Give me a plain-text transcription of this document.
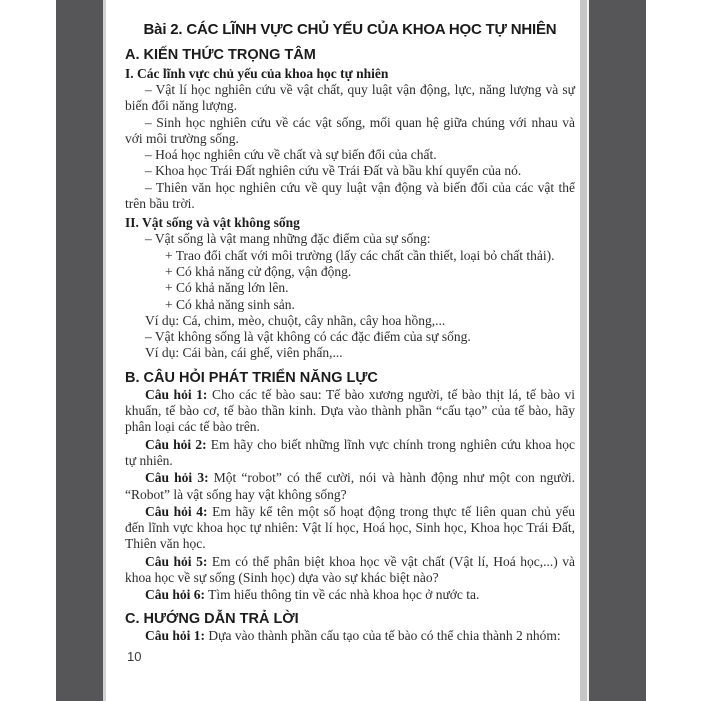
Bài 2. CÁC LĨNH VỰC CHỦ YẾU CỦA KHOA HỌC TỰ NHIÊN
A. KIẾN THỨC TRỌNG TÂM
I. Các lĩnh vực chủ yếu của khoa học tự nhiên

– Vật lí học nghiên cứu về vật chất, quy luật vận động, lực, năng lượng và sự biến đổi năng lượng.

– Sinh học nghiên cứu về các vật sống, mối quan hệ giữa chúng với nhau và với môi trường sống.

– Hoá học nghiên cứu về chất và sự biến đổi của chất.

– Khoa học Trái Đất nghiên cứu về Trái Đất và bầu khí quyển của nó.

– Thiên văn học nghiên cứu về quy luật vận động và biến đổi của các vật thể trên bầu trời.

II. Vật sống và vật không sống

– Vật sống là vật mang những đặc điểm của sự sống:

+ Trao đổi chất với môi trường (lấy các chất cần thiết, loại bỏ chất thải).

+ Có khả năng cử động, vận động.

+ Có khả năng lớn lên.

+ Có khả năng sinh sản.

Ví dụ: Cá, chim, mèo, chuột, cây nhãn, cây hoa hồng,...

– Vật không sống là vật không có các đặc điểm của sự sống.

Ví dụ: Cái bàn, cái ghế, viên phấn,...

B. CÂU HỎI PHÁT TRIỂN NĂNG LỰC

Câu hỏi 1: Cho các tế bào sau: Tế bào xương người, tế bào thịt lá, tế bào vi khuẩn, tế bào cơ, tế bào thần kinh. Dựa vào thành phần “cấu tạo” của tế bào, hãy phân loại các tế bào trên.

Câu hỏi 2: Em hãy cho biết những lĩnh vực chính trong nghiên cứu khoa học tự nhiên.

Câu hỏi 3: Một “robot” có thể cười, nói và hành động như một con người. “Robot” là vật sống hay vật không sống?

Câu hỏi 4: Em hãy kể tên một số hoạt động trong thực tế liên quan chủ yếu đến lĩnh vực khoa học tự nhiên: Vật lí học, Hoá học, Sinh học, Khoa học Trái Đất, Thiên văn học.

Câu hỏi 5: Em có thể phân biệt khoa học về vật chất (Vật lí, Hoá học,...) và khoa học về sự sống (Sinh học) dựa vào sự khác biệt nào?

Câu hỏi 6: Tìm hiểu thông tin về các nhà khoa học ở nước ta.

C. HƯỚNG DẪN TRẢ LỜI

Câu hỏi 1: Dựa vào thành phần cấu tạo của tế bào có thể chia thành 2 nhóm:

10
